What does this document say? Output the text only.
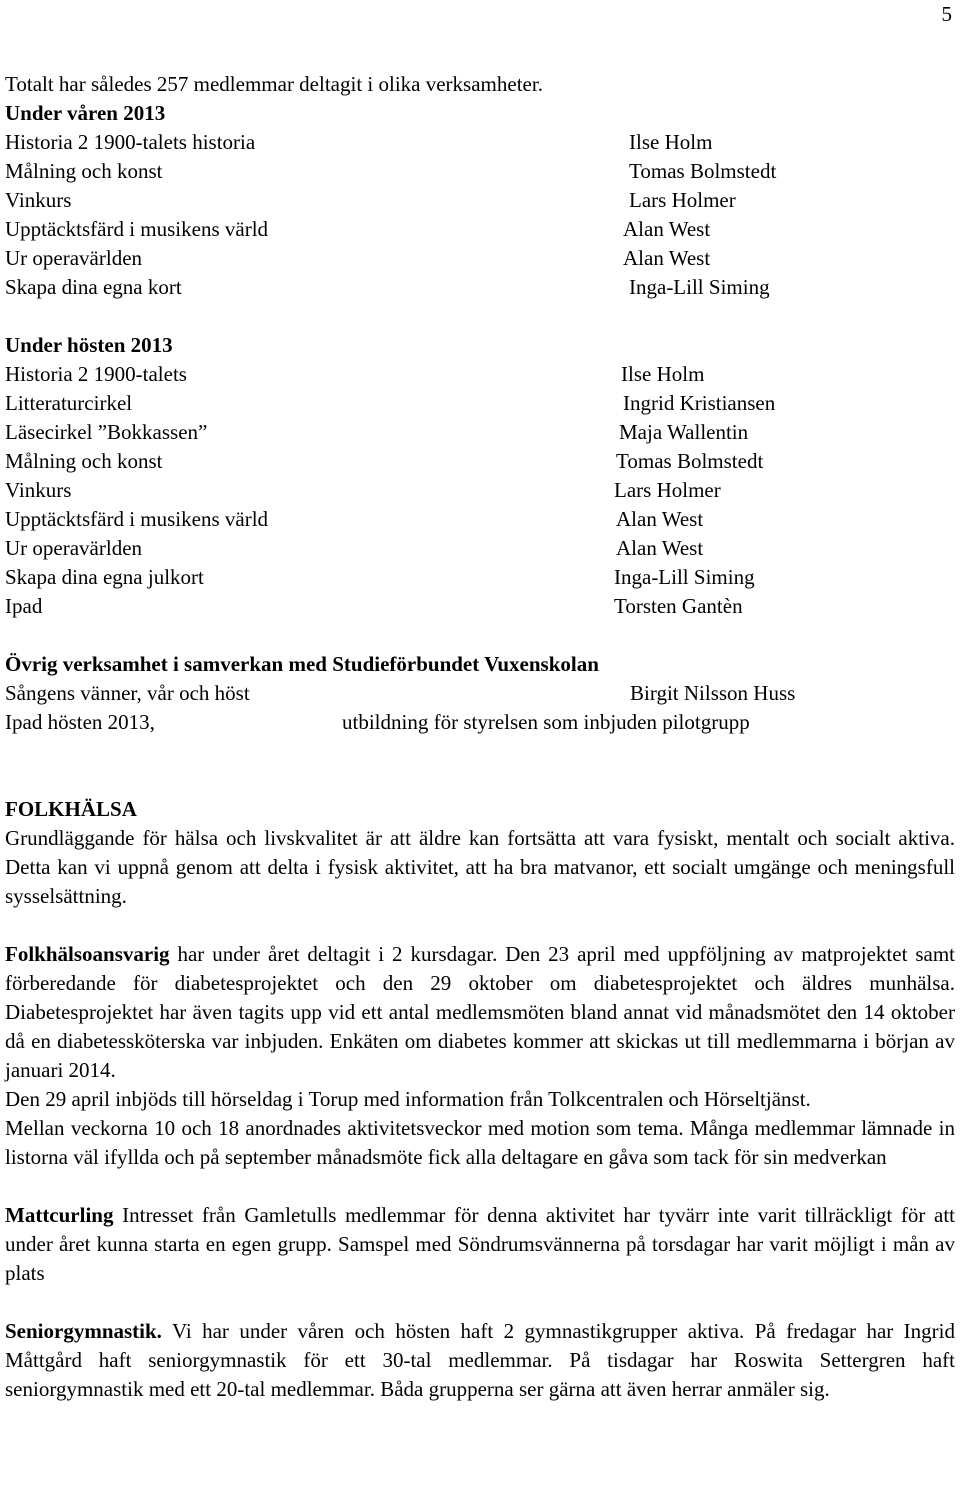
5
Totalt har således 257 medlemmar deltagit i olika verksamheter.
Under våren 2013
Historia 2 1900-talets historia	Ilse Holm
Målning och konst	Tomas Bolmstedt
Vinkurs	Lars Holmer
Upptäcktsfärd i musikens värld	Alan West
Ur operavärlden	Alan West
Skapa dina egna kort	Inga-Lill Siming
Under hösten 2013
Historia 2 1900-talets	Ilse Holm
Litteraturcirkel	Ingrid Kristiansen
Läsecirkel ”Bokkassen”	Maja Wallentin
Målning och konst	Tomas Bolmstedt
Vinkurs	Lars Holmer
Upptäcktsfärd i musikens värld	Alan West
Ur operavärlden	Alan West
Skapa dina egna julkort	Inga-Lill Siming
Ipad	Torsten Gantèn
Övrig verksamhet i samverkan med Studieförbundet Vuxenskolan
Sångens vänner, vår och höst	Birgit Nilsson Huss
Ipad hösten 2013,	utbildning för styrelsen som inbjuden pilotgrupp
FOLKHÄLSA

Grundläggande för hälsa och livskvalitet är att äldre kan fortsätta att vara fysiskt, mentalt och socialt aktiva. Detta kan vi uppnå genom att delta i fysisk aktivitet, att ha bra matvanor, ett socialt umgänge och meningsfull sysselsättning.

Folkhälsoansvarig har under året deltagit i 2 kursdagar. Den 23 april med uppföljning av matprojektet samt förberedande för diabetesprojektet och den 29 oktober om diabetesprojektet och äldres munhälsa. Diabetesprojektet har även tagits upp vid ett antal medlemsmöten bland annat vid månadsmötet den 14 oktober då en diabetessköterska var inbjuden. Enkäten om diabetes kommer att skickas ut till medlemmarna i början av januari 2014.

Den 29 april inbjöds till hörseldag i Torup med information från Tolkcentralen och Hörseltjänst.

Mellan veckorna 10 och 18 anordnades aktivitetsveckor med motion som tema. Många medlemmar lämnade in listorna väl ifyllda och på september månadsmöte fick alla deltagare en gåva som tack för sin medverkan

Mattcurling Intresset från Gamletulls medlemmar för denna aktivitet har tyvärr inte varit tillräckligt för att under året kunna starta en egen grupp. Samspel med Söndrumsvännerna på torsdagar har varit möjligt i mån av plats

Seniorgymnastik. Vi har under våren och hösten haft 2 gymnastikgrupper aktiva. På fredagar har Ingrid Måttgård haft seniorgymnastik för ett 30-tal medlemmar. På tisdagar har Roswita Settergren haft seniorgymnastik med ett 20-tal medlemmar. Båda grupperna ser gärna att även herrar anmäler sig.
